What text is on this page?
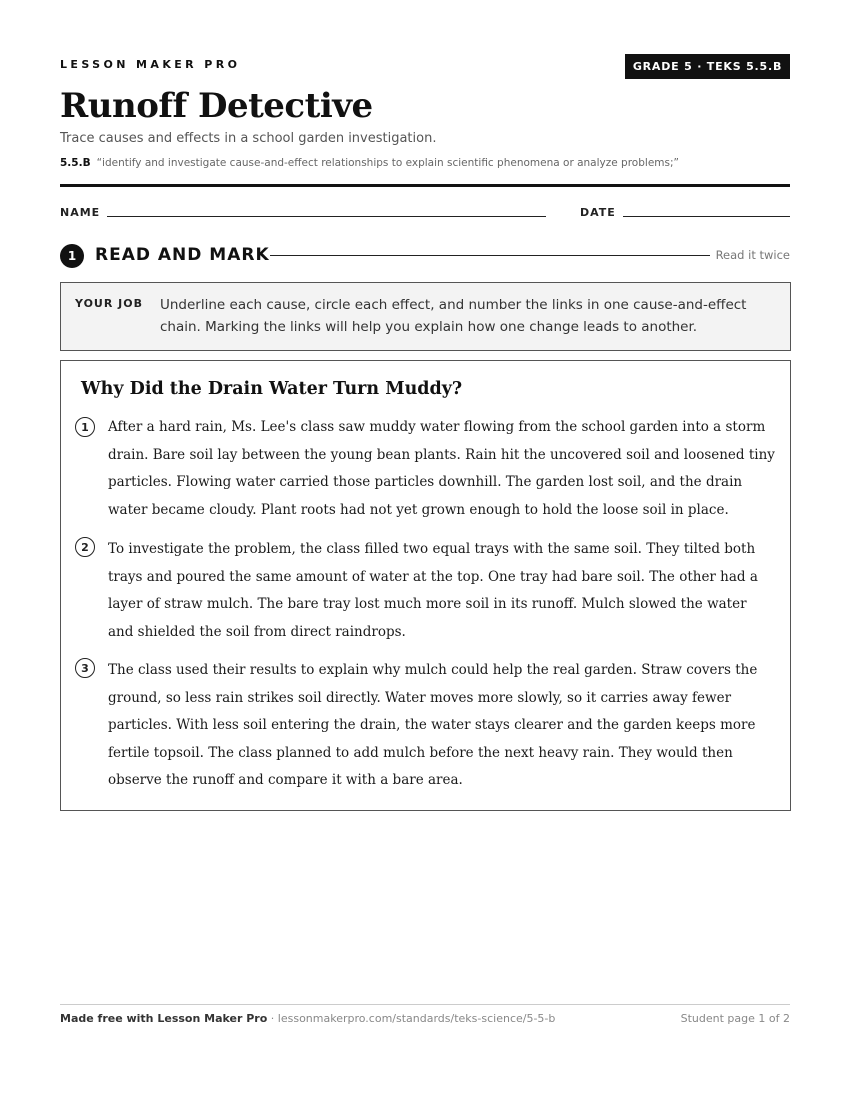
LESSON MAKER PRO	GRADE 5 · TEKS 5.5.B
Runoff Detective
Trace causes and effects in a school garden investigation.
5.5.B “identify and investigate cause-and-effect relationships to explain scientific phenomena or analyze problems;”
NAME	DATE
1	READ AND MARK	Read it twice
YOUR JOB Underline each cause, circle each effect, and number the links in one cause-and-effect chain. Marking the links will help you explain how one change leads to another.
Why Did the Drain Water Turn Muddy?
1	After a hard rain, Ms. Lee's class saw muddy water flowing from the school garden into a storm drain. Bare soil lay between the young bean plants. Rain hit the uncovered soil and loosened tiny particles. Flowing water carried those particles downhill. The garden lost soil, and the drain water became cloudy. Plant roots had not yet grown enough to hold the loose soil in place.
2	To investigate the problem, the class filled two equal trays with the same soil. They tilted both trays and poured the same amount of water at the top. One tray had bare soil. The other had a layer of straw mulch. The bare tray lost much more soil in its runoff. Mulch slowed the water and shielded the soil from direct raindrops.
3	The class used their results to explain why mulch could help the real garden. Straw covers the ground, so less rain strikes soil directly. Water moves more slowly, so it carries away fewer particles. With less soil entering the drain, the water stays clearer and the garden keeps more fertile topsoil. The class planned to add mulch before the next heavy rain. They would then observe the runoff and compare it with a bare area.
Made free with Lesson Maker Pro · lessonmakerpro.com/standards/teks-science/5-5-b	Student page 1 of 2
